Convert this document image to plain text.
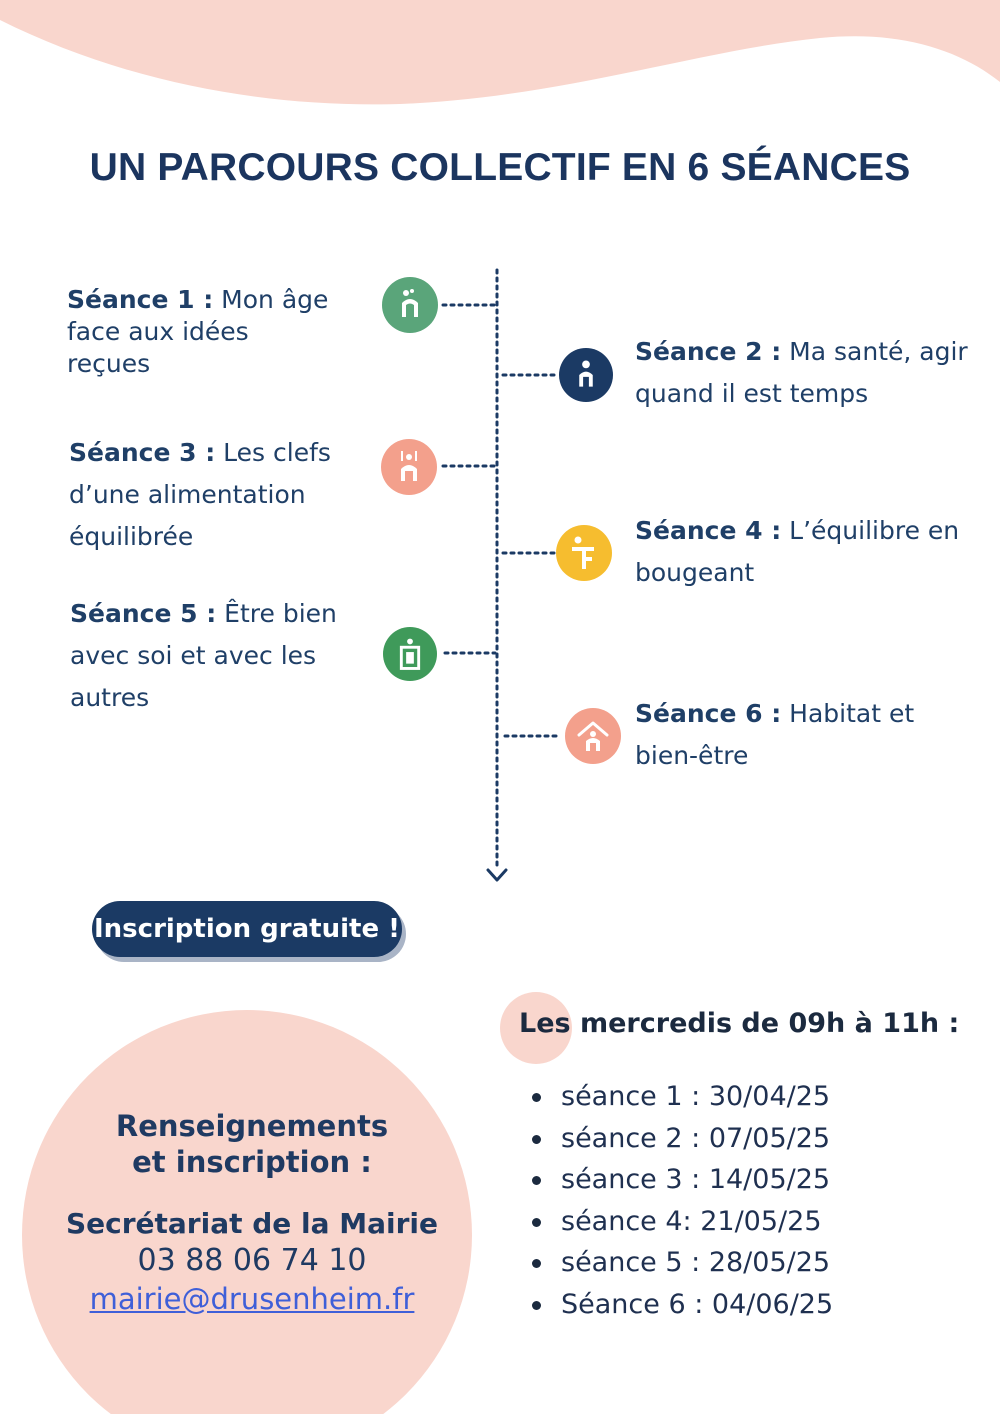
UN PARCOURS COLLECTIF EN 6 SÉANCES
Séance 1 : Mon âge
face aux idées
reçues	Séance 2 : Ma santé, agir
quand il est temps
Séance 3 : Les clefs
d’une alimentation
équilibrée	Séance 4 : L’équilibre en
bougeant
Séance 5 : Être bien
avec soi et avec les
autres
Séance 6 : Habitat et
bien-être
Inscription gratuite !
Renseignements
et inscription :
Secrétariat de la Mairie
03 88 06 74 10
mairie@drusenheim.fr
Les mercredis de 09h à 11h :
séance 1 : 30/04/25
séance 2 : 07/05/25
séance 3 : 14/05/25
séance 4: 21/05/25
séance 5 : 28/05/25
Séance 6 : 04/06/25
